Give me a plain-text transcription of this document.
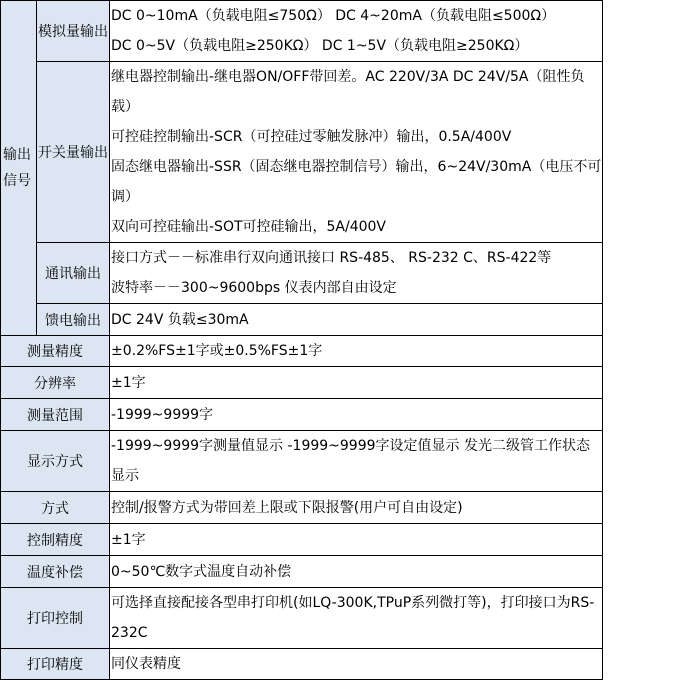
输出信号	模拟量输出	DC 0~10mA（负载电阻≤750Ω） DC 4~20mA（负载电阻≤500Ω）
DC 0~5V（负载电阻≥250KΩ） DC 1~5V（负载电阻≥250KΩ）

	开关量输出	继电器控制输出-继电器ON/OFF带回差。AC 220V/3A DC 24V/5A（阻性负载）
可控硅控制输出-SCR（可控硅过零触发脉冲）输出，0.5A/400V
固态继电器输出-SSR（固态继电器控制信号）输出，6~24V/30mA（电压不可调）
双向可控硅输出-SOT可控硅输出，5A/400V

	通讯输出	接口方式－－标准串行双向通讯接口 RS-485、 RS-232 C、RS-422等
波特率－－300~9600bps 仪表内部自由设定

	馈电输出	DC 24V 负载≤30mA

测量精度		±0.2%FS±1字或±0.5%FS±1字
分辨率		±1字
测量范围		-1999~9999字
显示方式		-1999~9999字测量值显示 -1999~9999字设定值显示 发光二级管工作状态显示

方式		控制/报警方式为带回差上限或下限报警(用户可自由设定)
控制精度		±1字
温度补偿		0~50℃数字式温度自动补偿
打印控制		可选择直接配接各型串打印机(如LQ-300K,TPuP系列微打等)，打印接口为RS-232C

打印精度		同仪表精度
